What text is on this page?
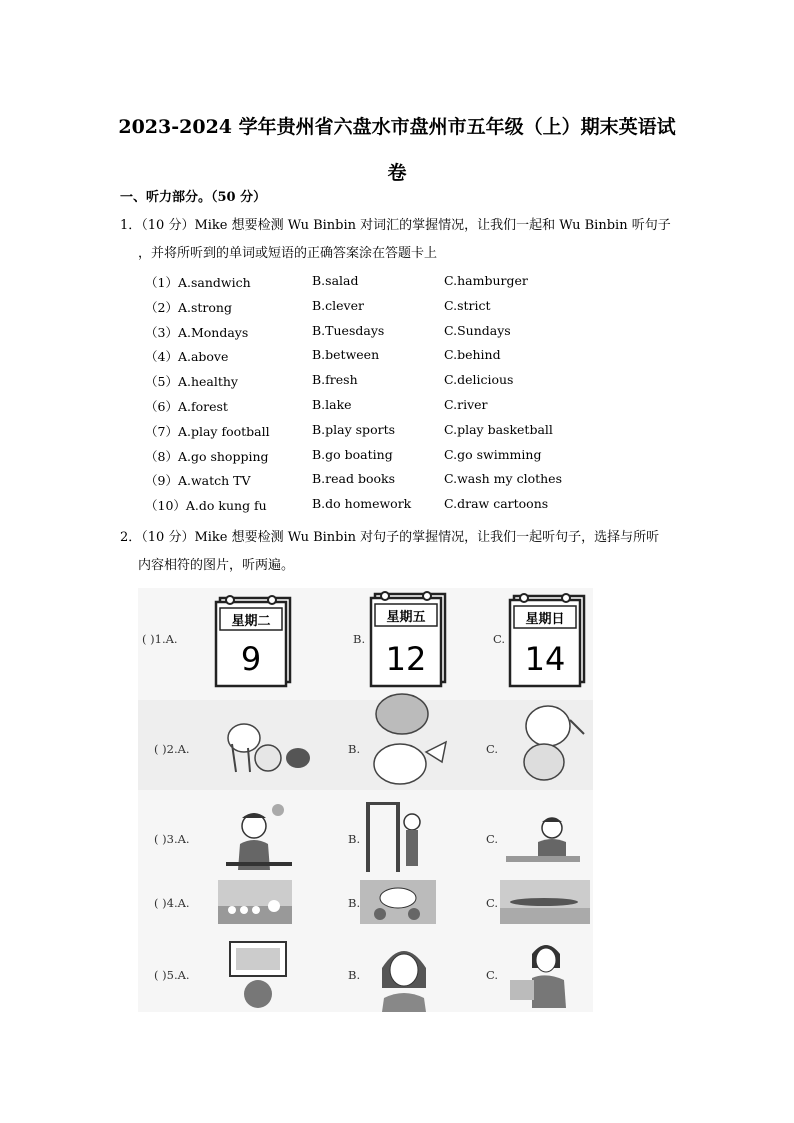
2023-2024 学年贵州省六盘水市盘州市五年级（上）期末英语试
卷
一、听力部分。（50 分）
1．（10 分）Mike 想要检测 Wu Binbin 对词汇的掌握情况，让我们一起和 Wu Binbin 听句子
，并将所听到的单词或短语的正确答案涂在答题卡上
（1）A.sandwich	B.salad	C.hamburger
（2）A.strong	B.clever	C.strict
（3）A.Mondays	B.Tuesdays	C.Sundays
（4）A.above	B.between	C.behind
（5）A.healthy	B.fresh	C.delicious
（6）A.forest	B.lake	C.river
（7）A.play football	B.play sports	C.play basketball
（8）A.go shopping	B.go boating	C.go swimming
（9）A.watch TV	B.read books	C.wash my clothes
（10）A.do kung fu	B.do homework	C.draw cartoons
2．（10 分）Mike 想要检测 Wu Binbin 对句子的掌握情况，让我们一起听句子，选择与所听
内容相符的图片，听两遍。
( )1.A.	B.	C.
星期二
9
星期五
12
星期日
14
( )2.A.	B.	C.
( )3.A.	B.	C.
( )4.A.	B.	C.
( )5.A.	B.	C.
